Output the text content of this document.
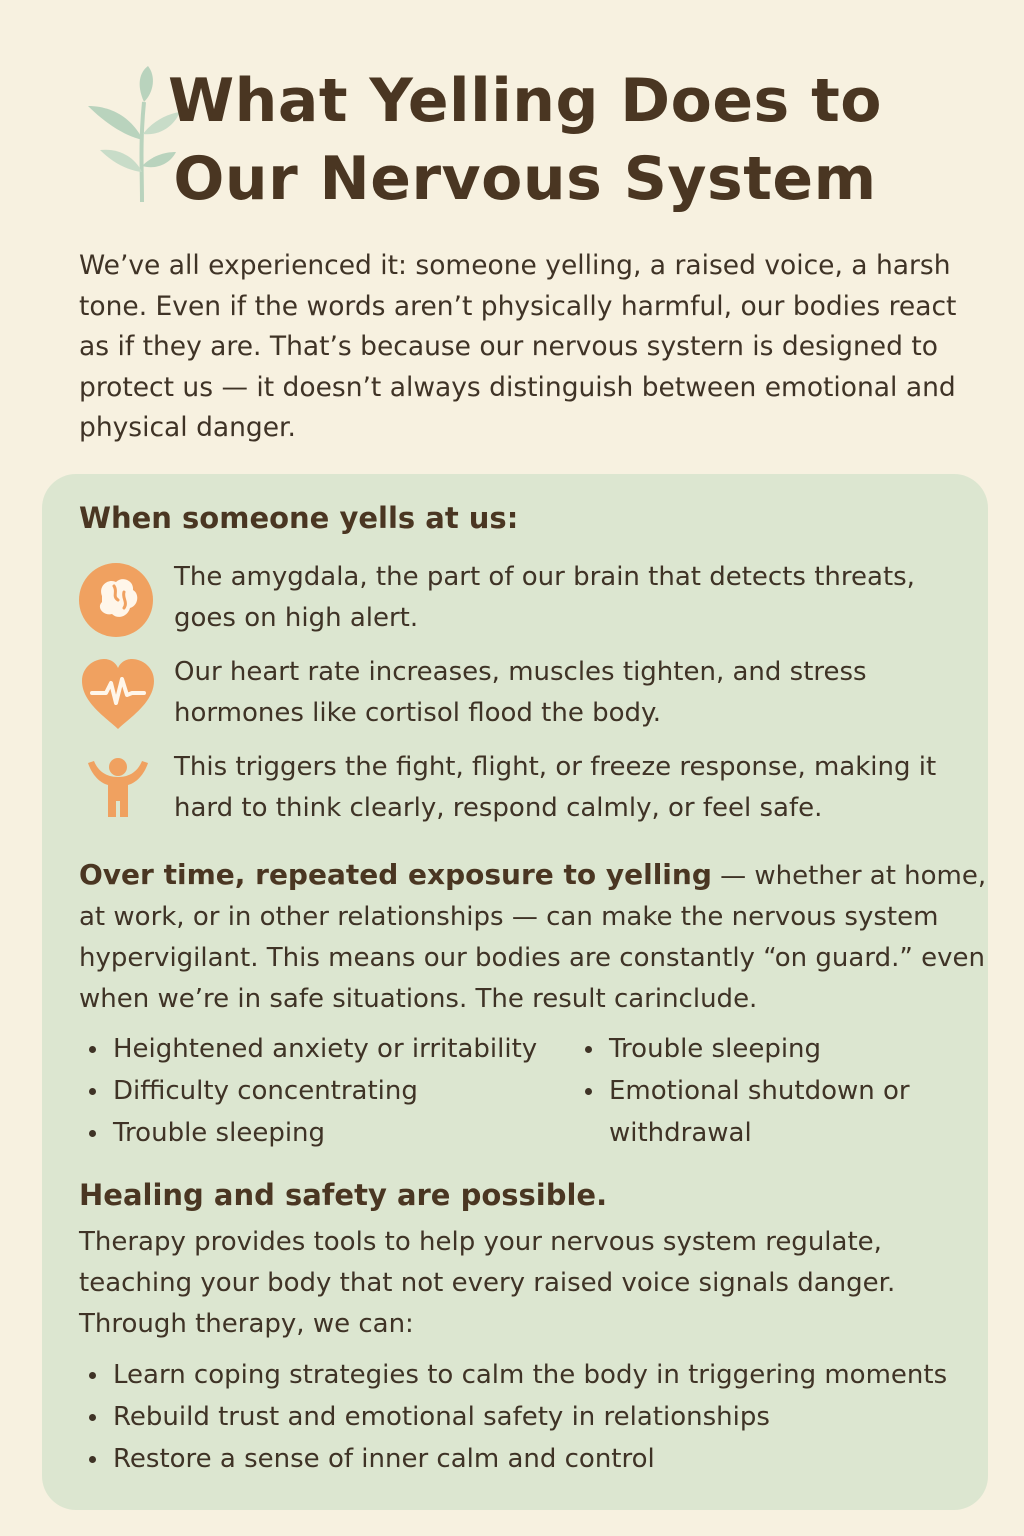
What Yelling Does to Our Nervous System

We’ve all experienced it: someone yelling, a raised voice, a harsh tone. Even if the words aren’t physically harmful, our bodies react as if they are. That’s because our nervous systern is designed to protect us — it doesn’t always distinguish between emotional and physical danger.

When someone yells at us:

The amygdala, the part of our brain that detects threats, goes on high alert.

Our heart rate increases, muscles tighten, and stress hormones like cortisol flood the body.

This triggers the fight, flight, or freeze response, making it hard to think clearly, respond calmly, or feel safe.

Over time, repeated exposure to yelling — whether at home, at work, or in other relationships — can make the nervous system hypervigilant. This means our bodies are constantly “on guard.” even when we’re in safe situations. The result carinclude.

Heightened anxiety or irritability
Difficulty concentrating
Trouble sleeping
Trouble sleeping
Emotional shutdown or withdrawal
Healing and safety are possible.

Therapy provides tools to help your nervous system regulate, teaching your body that not every raised voice signals danger. Through therapy, we can:

Learn coping strategies to calm the body in triggering moments
Rebuild trust and emotional safety in relationships
Restore a sense of inner calm and control
